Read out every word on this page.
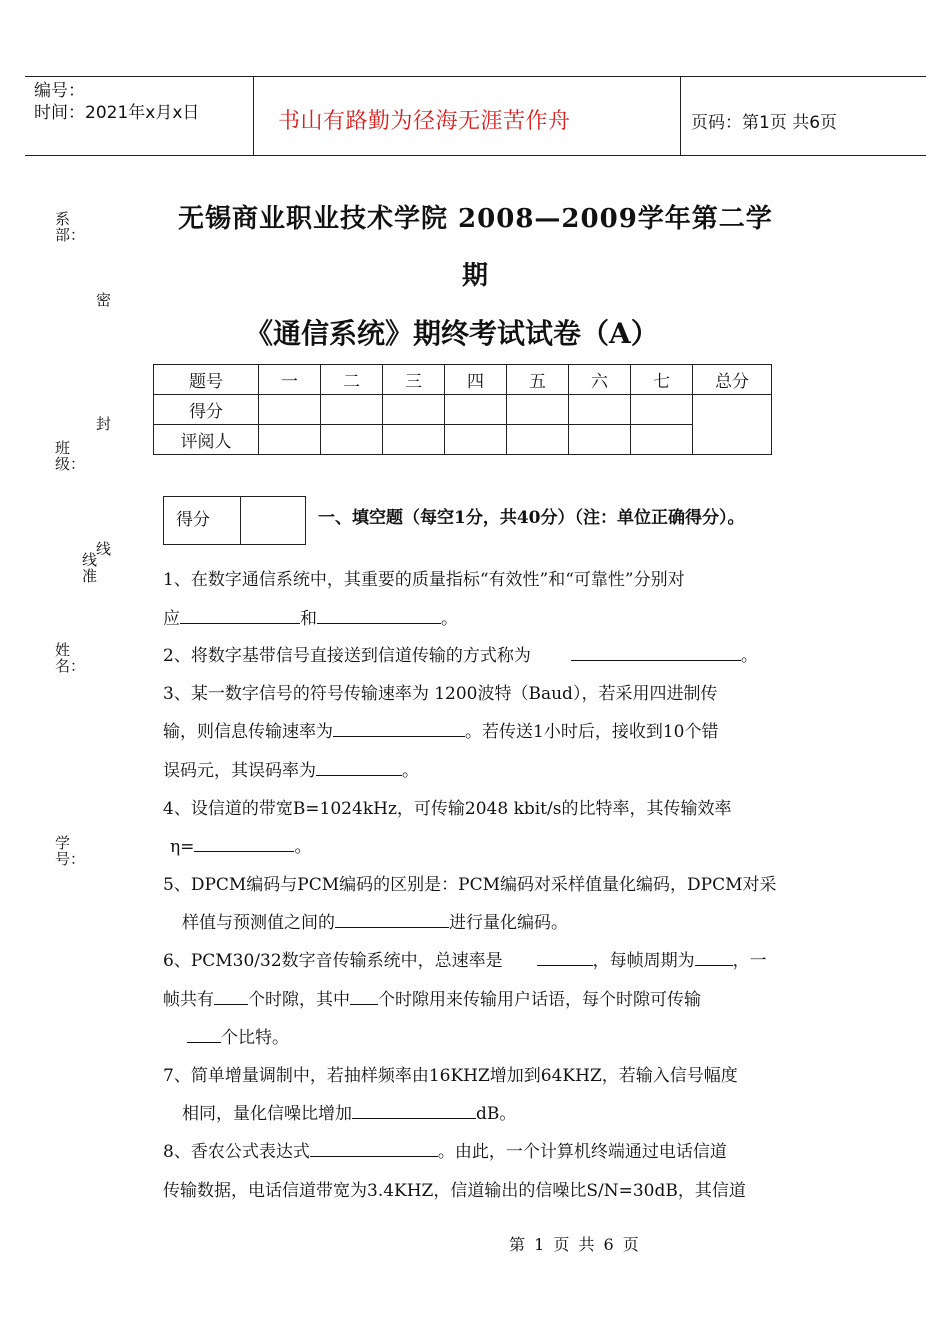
编号：
时间：2021年x月x日	书山有路勤为径海无涯苦作舟	页码：第1页 共6页
系部：
密
封
班级：
线
线准
姓名：
学号：
无锡商业职业技术学院 2008—2009学年第二学
期
《通信系统》期终考试试卷（A）
题号	一	二	三	四	五	六	七	总分
得分								
评阅人								
得分	一、填空题（每空1分，共40分）（注：单位正确得分）。
1、在数字通信系统中，其重要的质量指标“有效性”和“可靠性”分别对
应	和	。
2、将数字基带信号直接送到信道传输的方式称为	。
3、某一数字信号的符号传输速率为 1200波特（Baud），若采用四进制传
输，则信息传输速率为	。若传送1小时后，接收到10个错
误码元，其误码率为	。
4、设信道的带宽B=1024kHz，可传输2048 kbit/s的比特率，其传输效率
η=	。
5、DPCM编码与PCM编码的区别是：PCM编码对采样值量化编码，DPCM对采
样值与预测值之间的	进行量化编码。
6、PCM30/32数字音传输系统中，总速率是	，每帧周期为 ，一
帧共有 个时隙，其中 个时隙用来传输用户话语，每个时隙可传输
个比特。
7、简单增量调制中，若抽样频率由16KHZ增加到64KHZ，若输入信号幅度
相同，量化信噪比增加	dB。
8、香农公式表达式	。由此，一个计算机终端通过电话信道
传输数据，电话信道带宽为3.4KHZ，信道输出的信噪比S/N=30dB，其信道
第 1 页 共 6 页
